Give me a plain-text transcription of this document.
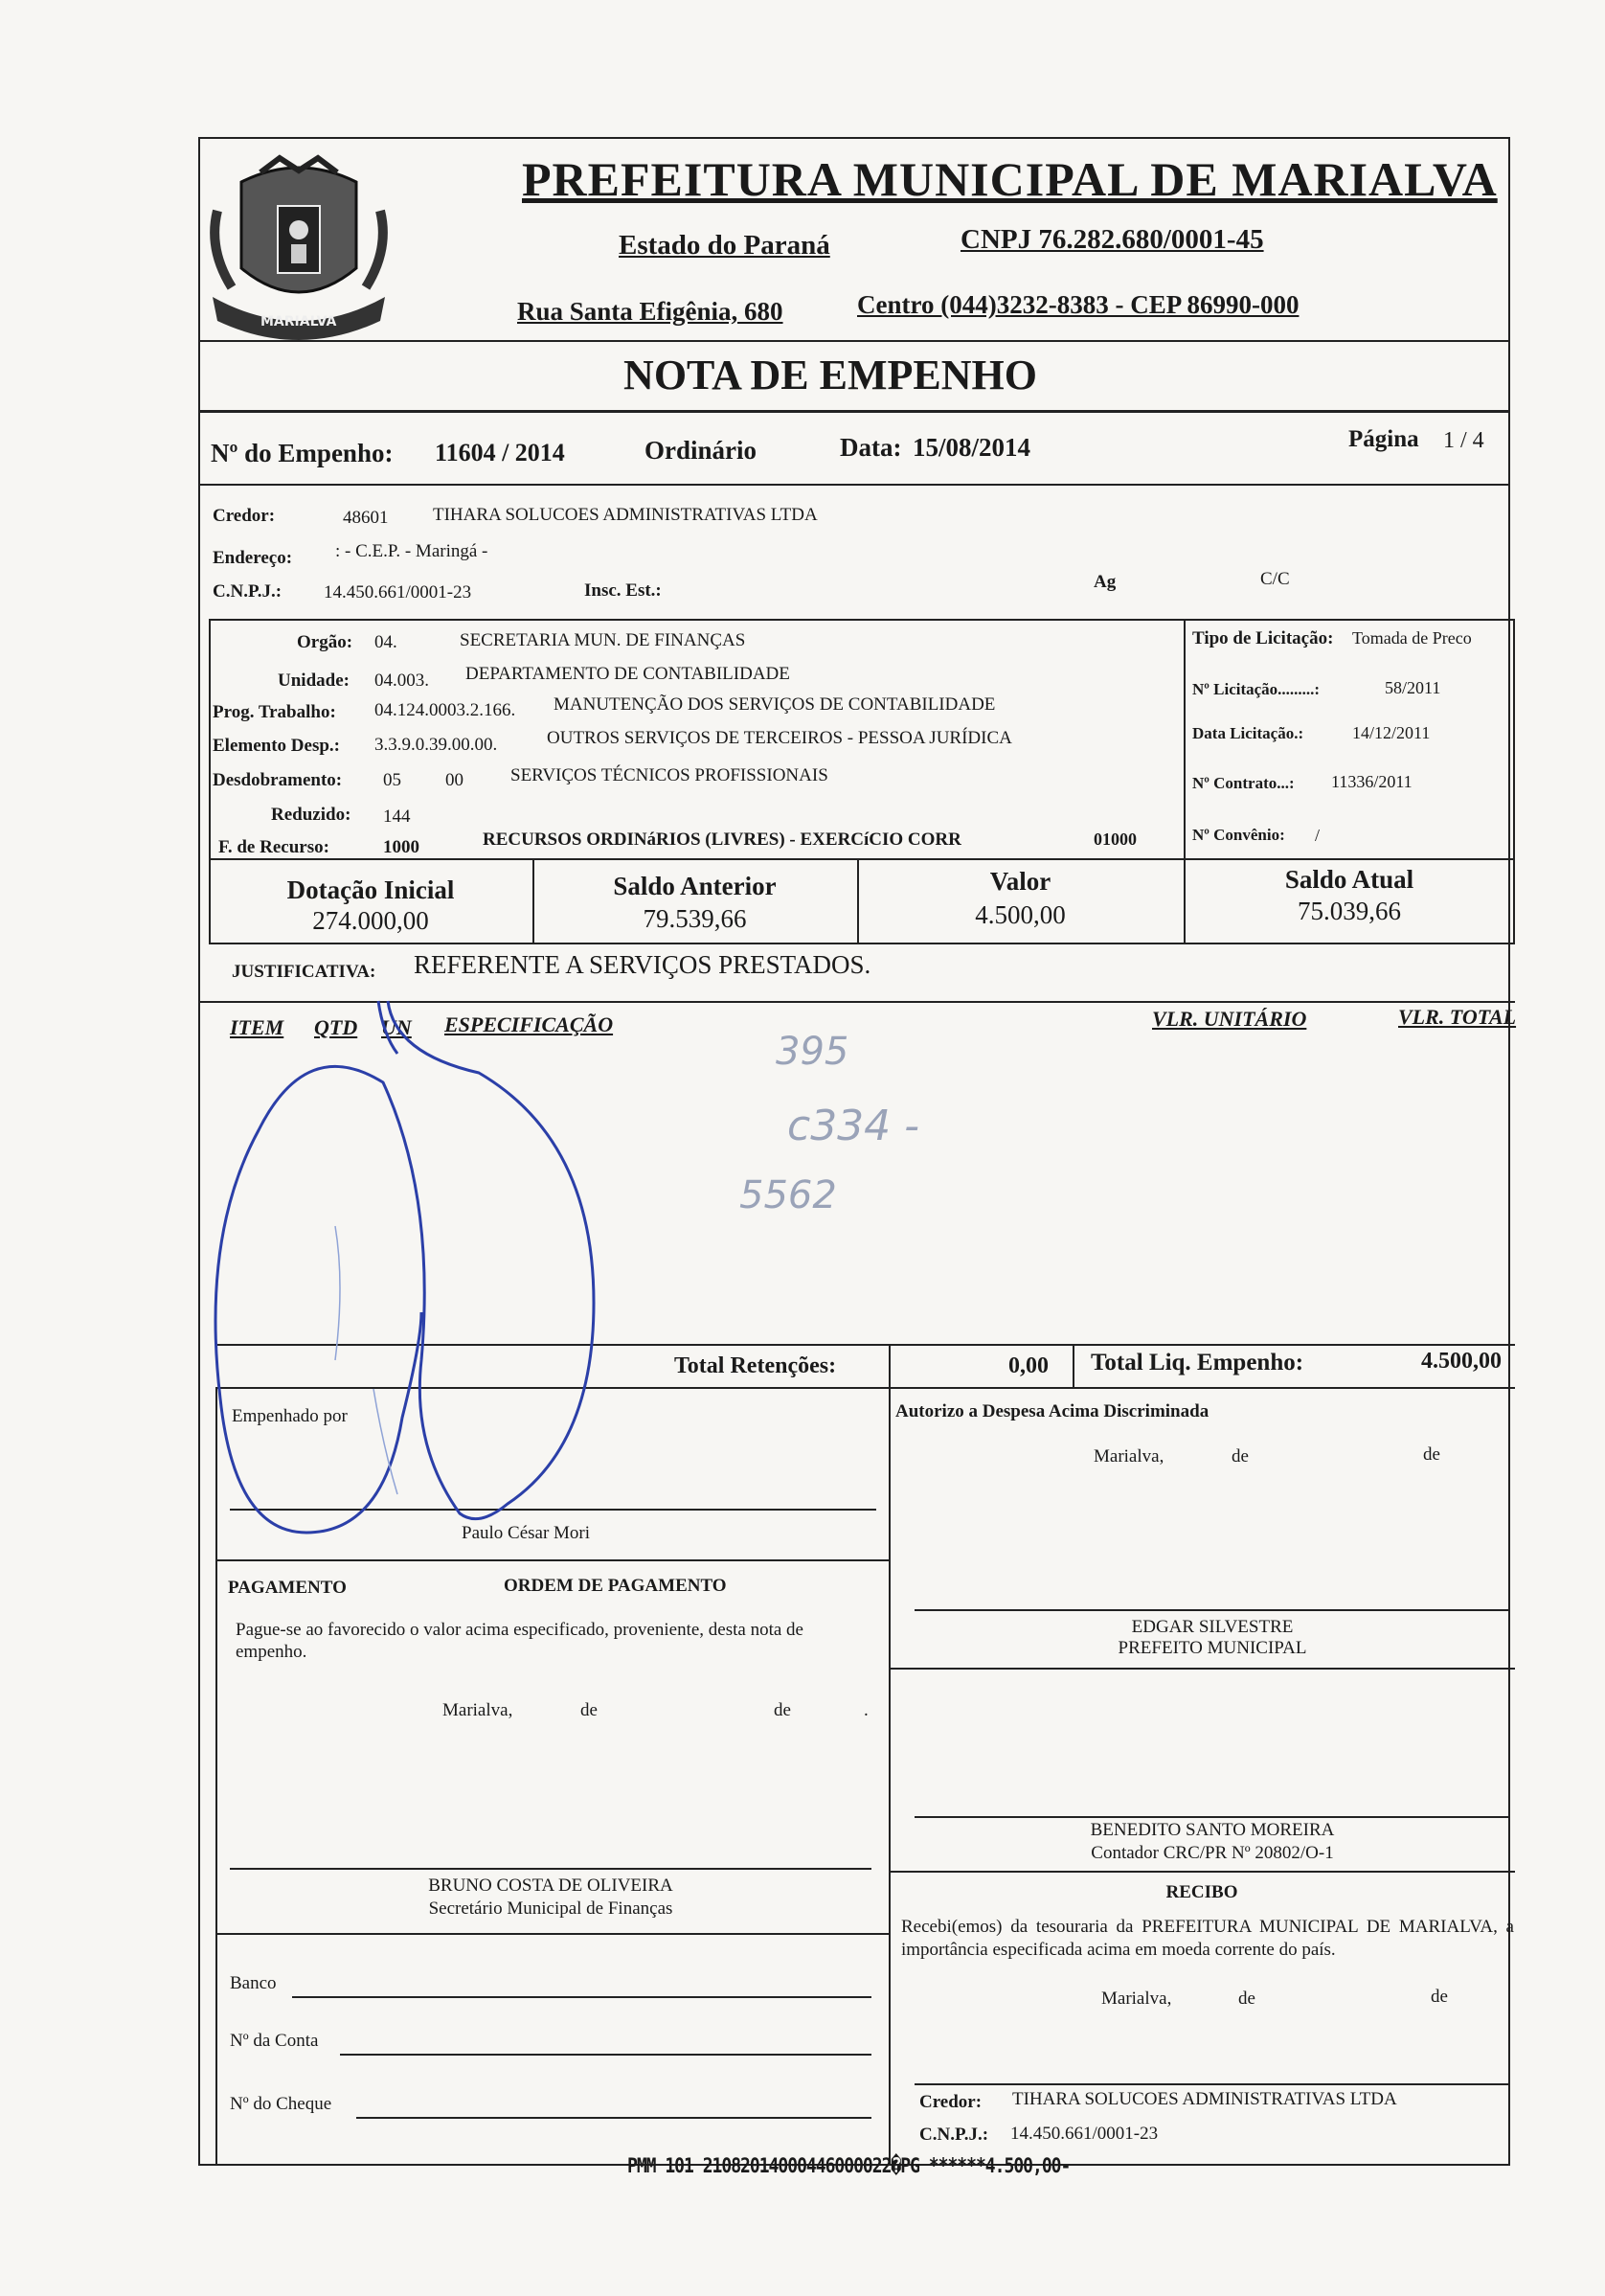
MARIALVA
PREFEITURA MUNICIPAL DE MARIALVA
Estado do Paraná	CNPJ 76.282.680/0001-45
Rua Santa Efigênia, 680	Centro (044)3232-8383 - CEP 86990-000
NOTA DE EMPENHO
Nº do Empenho: 11604 / 2014	Ordinário	Data: 15/08/2014	Página 1 / 4
Credor:	48601 TIHARA SOLUCOES ADMINISTRATIVAS LTDA
Endereço: : - C.E.P. - Maringá -
C.N.P.J.: 14.450.661/0001-23	Insc. Est.:	Ag	C/C
Orgão: 04.	SECRETARIA MUN. DE FINANÇAS
Unidade: 04.003. DEPARTAMENTO DE CONTABILIDADE
Prog. Trabalho: 04.124.0003.2.166. MANUTENÇÃO DOS SERVIÇOS DE CONTABILIDADE
Elemento Desp.: 3.3.9.0.39.00.00.	OUTROS SERVIÇOS DE TERCEIROS - PESSOA JURÍDICA
Desdobramento: 05 00	SERVIÇOS TÉCNICOS PROFISSIONAIS
Reduzido: 144
F. de Recurso:	1000	RECURSOS ORDINáRIOS (LIVRES) - EXERCíCIO CORR	01000
Tipo de Licitação: Tomada de Preco
Nº Licitação.........:	58/2011
Data Licitação.:	14/12/2011
Nº Contrato...: 11336/2011
Nº Convênio: /
Dotação Inicial
274.000,00
Saldo Anterior
79.539,66
Valor
4.500,00
Saldo Atual
75.039,66
JUSTIFICATIVA: REFERENTE A SERVIÇOS PRESTADOS.
ITEM QTD UN ESPECIFICAÇÃO	VLR. UNITÁRIO	VLR. TOTAL
395
c334 -
5562
Total Retenções:	0,00 Total Liq. Empenho:	4.500,00
Empenhado por
Paulo César Mori
Autorizo a Despesa Acima Discriminada
Marialva,	de	de
EDGAR SILVESTRE
PREFEITO MUNICIPAL
PAGAMENTO	ORDEM DE PAGAMENTO
Pague-se ao favorecido o valor acima especificado, proveniente, desta nota de empenho.
Marialva,	de	de	.
BRUNO COSTA DE OLIVEIRA
Secretário Municipal de Finanças
Banco
Nº da Conta
Nº do Cheque
BENEDITO SANTO MOREIRA
Contador CRC/PR Nº 20802/O-1
RECIBO
Recebi(emos) da tesouraria da PREFEITURA MUNICIPAL DE MARIALVA, a importância especificada acima em moeda corrente do país.
Marialva,	de	de
Credor: TIHARA SOLUCOES ADMINISTRATIVAS LTDA
C.N.P.J.: 14.450.661/0001-23
PMM 101 21082014000446000022�PG ******4.500,00-
